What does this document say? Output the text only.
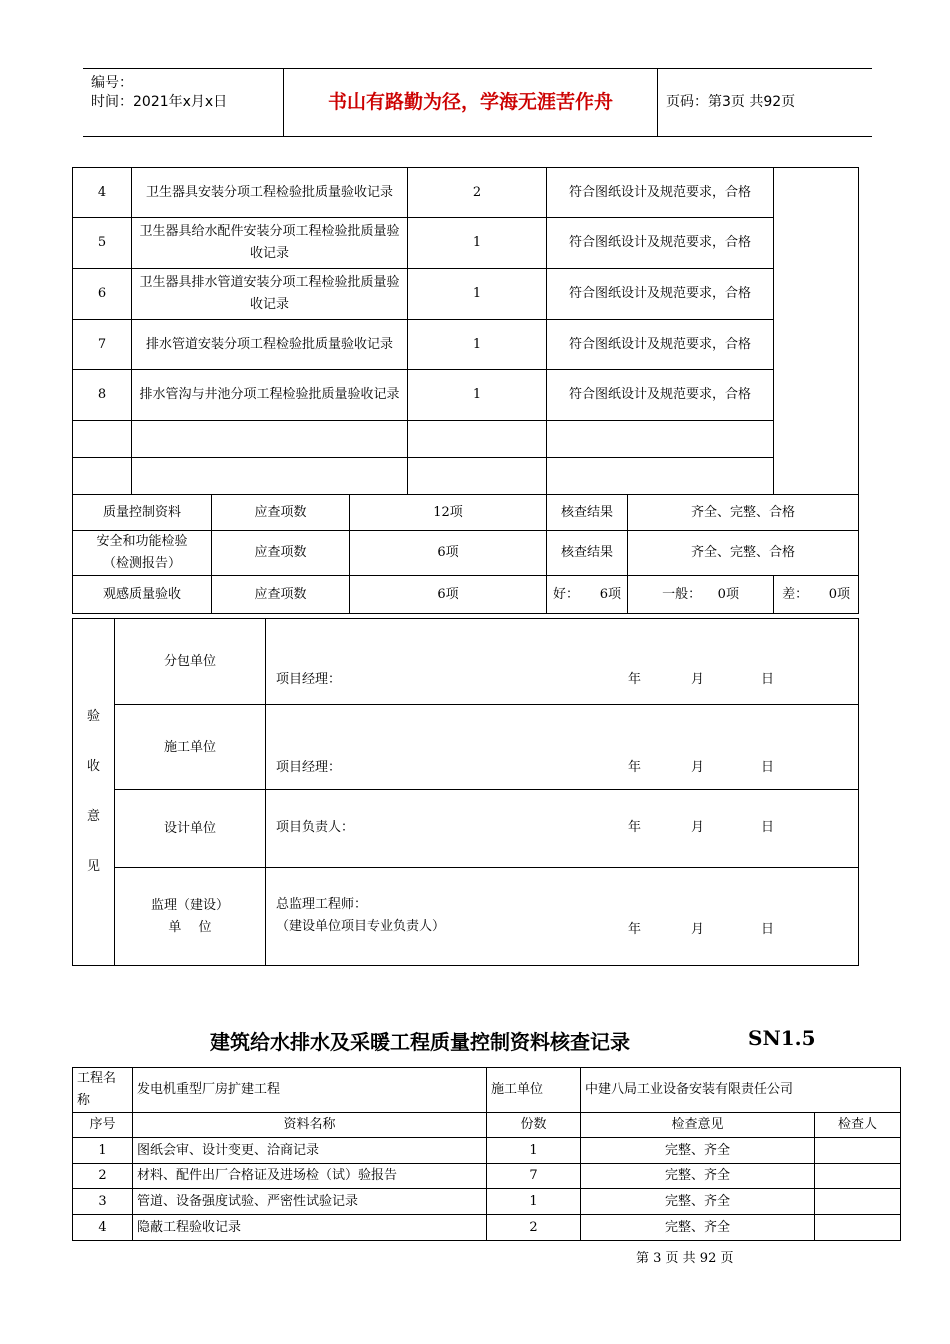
编号：
时间：2021年x月x日	书山有路勤为径，学海无涯苦作舟	页码：第3页 共92页
4	卫生器具安装分项工程检验批质量验收记录			2	符合图纸设计及规范要求，合格		
5	卫生器具给水配件安装分项工程检验批质量验收记录			1	符合图纸设计及规范要求，合格		
6	卫生器具排水管道安装分项工程检验批质量验收记录			1	符合图纸设计及规范要求，合格		
7	排水管道安装分项工程检验批质量验收记录			1	符合图纸设计及规范要求，合格		
8	排水管沟与井池分项工程检验批质量验收记录			1	符合图纸设计及规范要求，合格		

质量控制资料		应查项数	12项		核查结果	齐全、完整、合格	
安全和功能检验
（检测报告）		应查项数	6项		核查结果	齐全、完整、合格	
观感质量验收		应查项数	6项		好： 6项	一般： 0项	差： 0项
验
收
意
见	分包单位	项目经理： 年 月 日

	施工单位	项目经理： 年 月 日

	设计单位	项目负责人： 年 月 日

	监理（建设）
单　 位	总监理工程师：
（建设单位项目专业负责人） 年 月 日
建筑给水排水及采暖工程质量控制资料核查记录	SN1.5
工程名称	发电机重型厂房扩建工程	施工单位	中建八局工业设备安装有限责任公司	
序号	资料名称	份数	检查意见	检查人
1	图纸会审、设计变更、洽商记录	1	完整、齐全	
2	材料、配件出厂合格证及进场检（试）验报告	7	完整、齐全	
3	管道、设备强度试验、严密性试验记录	1	完整、齐全	
4	隐蔽工程验收记录	2	完整、齐全	
第 3 页 共 92 页
